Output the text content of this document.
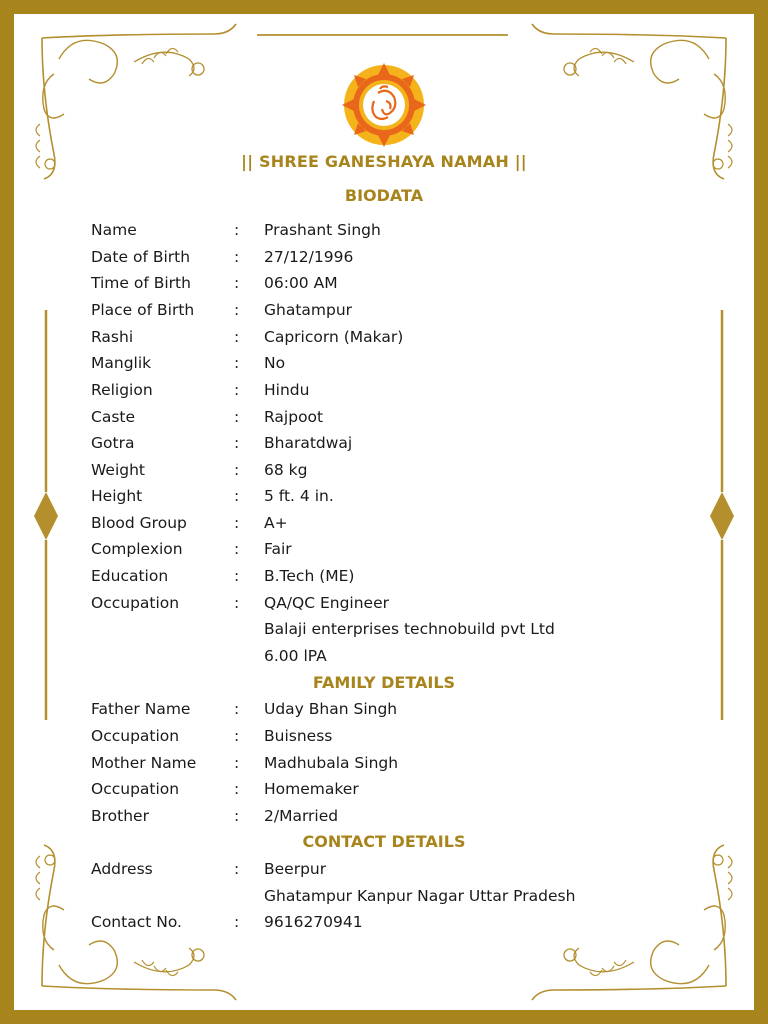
|| SHREE GANESHAYA NAMAH ||
BIODATA
Name	: Prashant Singh
Date of Birth	: 27/12/1996
Time of Birth	: 06:00 AM
Place of Birth	: Ghatampur
Rashi	: Capricorn (Makar)
Manglik	: No
Religion	: Hindu
Caste	: Rajpoot
Gotra	: Bharatdwaj
Weight	: 68 kg
Height	: 5 ft. 4 in.
Blood Group	: A+
Complexion	: Fair
Education	: B.Tech (ME)
Occupation	: QA/QC Engineer
Balaji enterprises technobuild pvt Ltd
6.00 lPA
FAMILY DETAILS
Father Name	: Uday Bhan Singh
Occupation	: Buisness
Mother Name : Madhubala Singh
Occupation	: Homemaker
Brother	: 2/Married
CONTACT DETAILS
Address	: Beerpur
Ghatampur Kanpur Nagar Uttar Pradesh
Contact No.	: 9616270941
